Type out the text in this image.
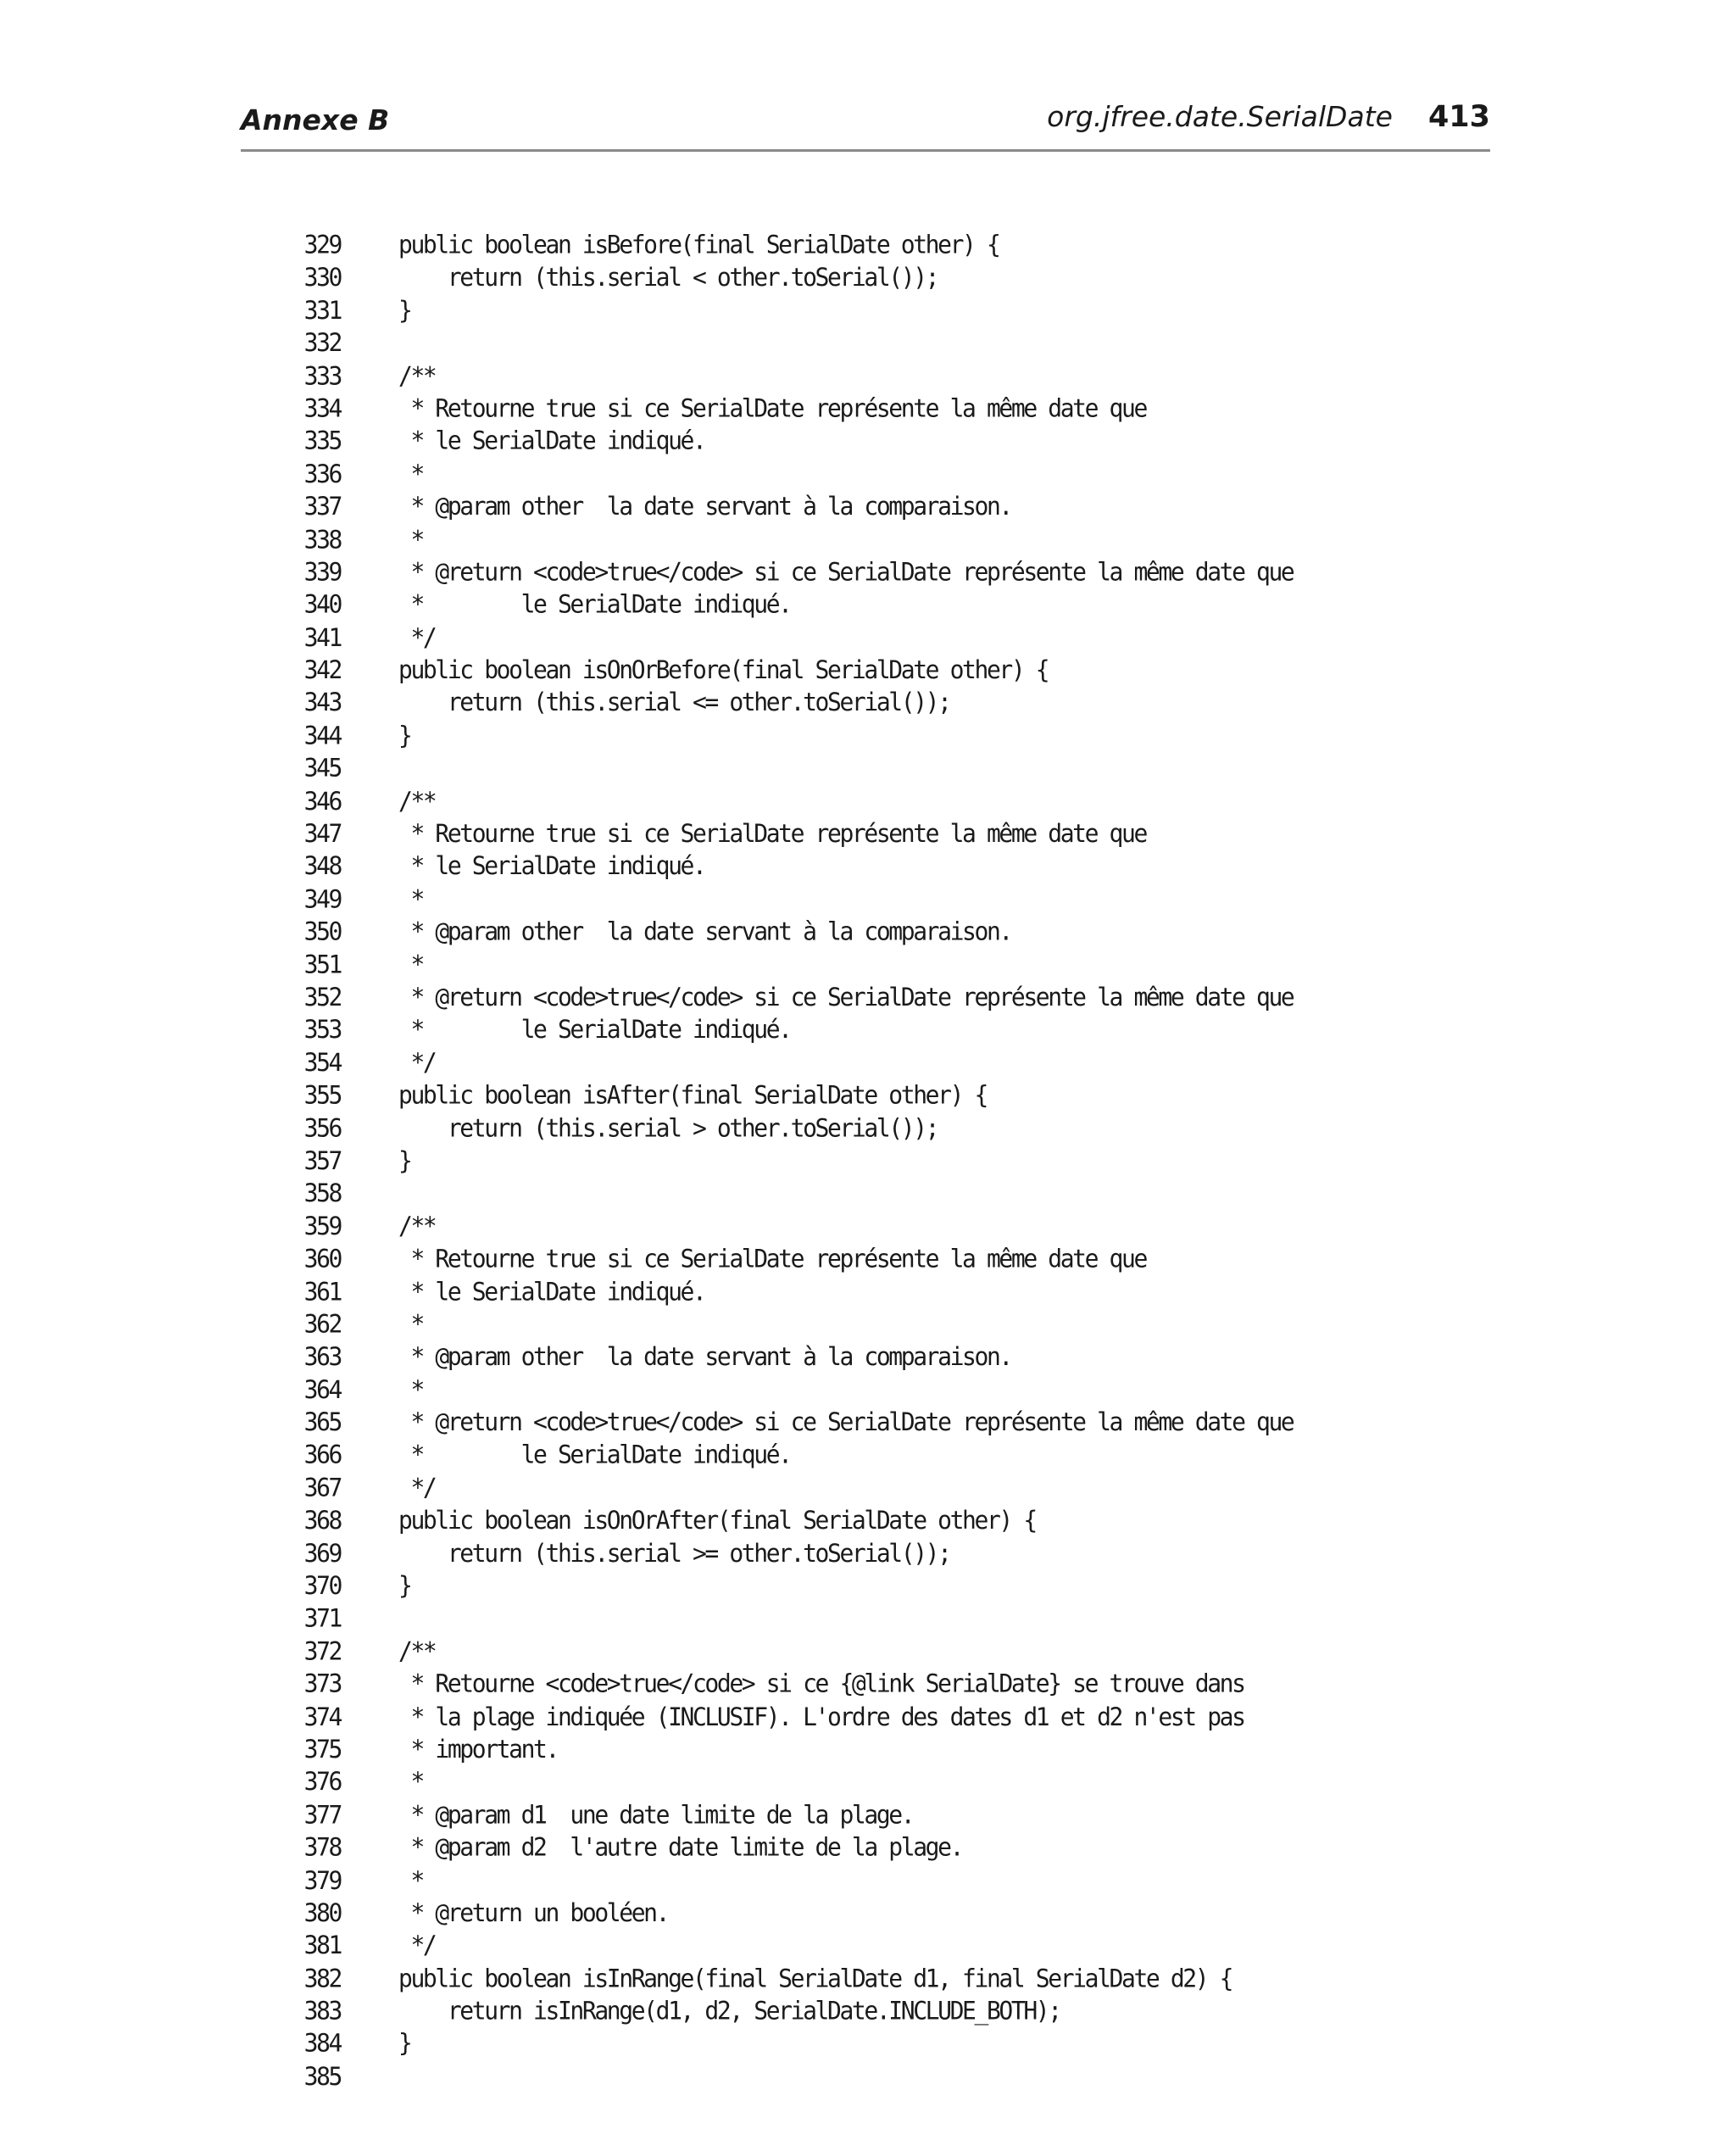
Annexe B	org.jfree.date.SerialDate 413
329 public boolean isBefore(final SerialDate other) {
330 return (this.serial < other.toSerial());
331 }
332
333 /**
334 * Retourne true si ce SerialDate représente la même date que
335 * le SerialDate indiqué.
336 *
337 * @param other  la date servant à la comparaison.
338 *
339 * @return <code>true</code> si ce SerialDate représente la même date que
340 *        le SerialDate indiqué.
341 */
342 public boolean isOnOrBefore(final SerialDate other) {
343 return (this.serial <= other.toSerial());
344 }
345
346 /**
347 * Retourne true si ce SerialDate représente la même date que
348 * le SerialDate indiqué.
349 *
350 * @param other  la date servant à la comparaison.
351 *
352 * @return <code>true</code> si ce SerialDate représente la même date que
353 *        le SerialDate indiqué.
354 */
355 public boolean isAfter(final SerialDate other) {
356 return (this.serial > other.toSerial());
357 }
358
359 /**
360 * Retourne true si ce SerialDate représente la même date que
361 * le SerialDate indiqué.
362 *
363 * @param other  la date servant à la comparaison.
364 *
365 * @return <code>true</code> si ce SerialDate représente la même date que
366 *        le SerialDate indiqué.
367 */
368 public boolean isOnOrAfter(final SerialDate other) {
369 return (this.serial >= other.toSerial());
370 }
371
372 /**
373 * Retourne <code>true</code> si ce {@link SerialDate} se trouve dans
374 * la plage indiquée (INCLUSIF). L'ordre des dates d1 et d2 n'est pas
375 * important.
376 *
377 * @param d1  une date limite de la plage.
378 * @param d2  l'autre date limite de la plage.
379 *
380 * @return un booléen.
381 */
382 public boolean isInRange(final SerialDate d1, final SerialDate d2) {
383 return isInRange(d1, d2, SerialDate.INCLUDE_BOTH);
384 }
385
